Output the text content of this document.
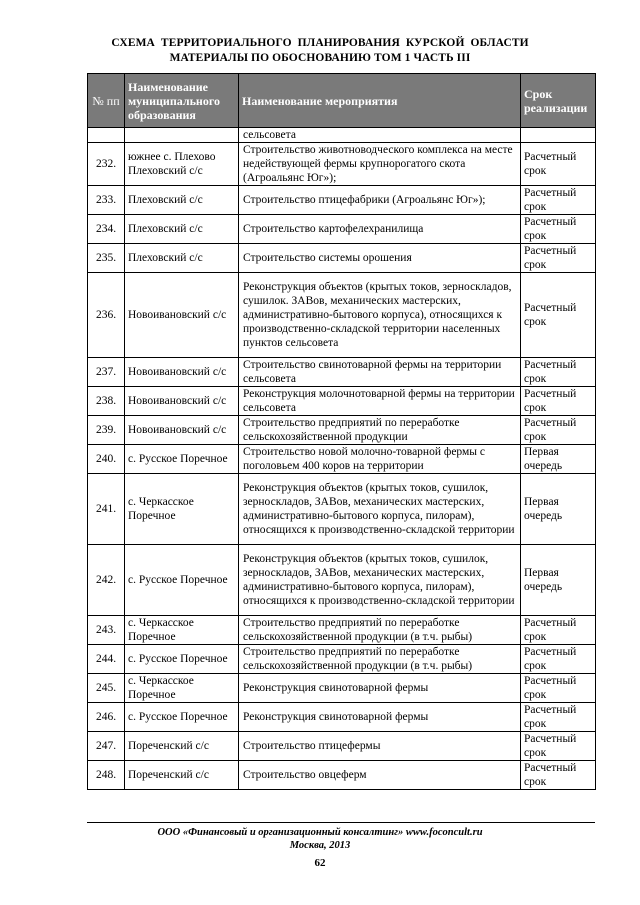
СХЕМА ТЕРРИТОРИАЛЬНОГО ПЛАНИРОВАНИЯ КУРСКОЙ ОБЛАСТИ
МАТЕРИАЛЫ ПО ОБОСНОВАНИЮ ТОМ 1 ЧАСТЬ III
№ пп	Наименование муниципального образования	Наименование мероприятия	Срок реализации
		сельсовета	
232.	южнее с. Плехово Плеховский с/с	Строительство животноводческого комплекса на месте недействующей фермы крупнорогатого скота (Агроальянс Юг»);	Расчетный срок
233.	Плеховский с/с	Строительство птицефабрики (Агроальянс Юг»);	Расчетный срок
234.	Плеховский с/с	Строительство картофелехранилища	Расчетный срок
235.	Плеховский с/с	Строительство системы орошения	Расчетный срок
236.	Новоивановский с/с	Реконструкция объектов (крытых токов, зерноскладов, сушилок. ЗАВов, механических мастерских, административно-бытового корпуса), относящихся к производственно-складской территории населенных пунктов сельсовета	Расчетный срок
237.	Новоивановский с/с	Строительство свинотоварной фермы на территории сельсовета	Расчетный срок
238.	Новоивановский с/с	Реконструкция молочнотоварной фермы на территории сельсовета	Расчетный срок
239.	Новоивановский с/с	Строительство предприятий по переработке сельскохозяйственной продукции	Расчетный срок
240.	с. Русское Поречное	Строительство новой молочно-товарной фермы с поголовьем 400 коров на территории	Первая очередь
241.	с. Черкасское Поречное	Реконструкция объектов (крытых токов, сушилок, зерноскладов, ЗАВов, механических мастерских, административно-бытового корпуса, пилорам), относящихся к производственно-складской территории	Первая очередь
242.	с. Русское Поречное	Реконструкция объектов (крытых токов, сушилок, зерноскладов, ЗАВов, механических мастерских, административно-бытового корпуса, пилорам), относящихся к производственно-складской территории	Первая очередь
243.	с. Черкасское Поречное	Строительство предприятий по переработке сельскохозяйственной продукции (в т.ч. рыбы)	Расчетный срок
244.	с. Русское Поречное	Строительство предприятий по переработке сельскохозяйственной продукции (в т.ч. рыбы)	Расчетный срок
245.	с. Черкасское Поречное	Реконструкция свинотоварной фермы	Расчетный срок
246.	с. Русское Поречное	Реконструкция свинотоварной фермы	Расчетный срок
247.	Пореченский с/с	Строительство птицефермы	Расчетный срок
248.	Пореченский с/с	Строительство овцеферм	Расчетный срок
ООО «Финансовый и организационный консалтинг» www.foconcult.ru
Москва, 2013
62
